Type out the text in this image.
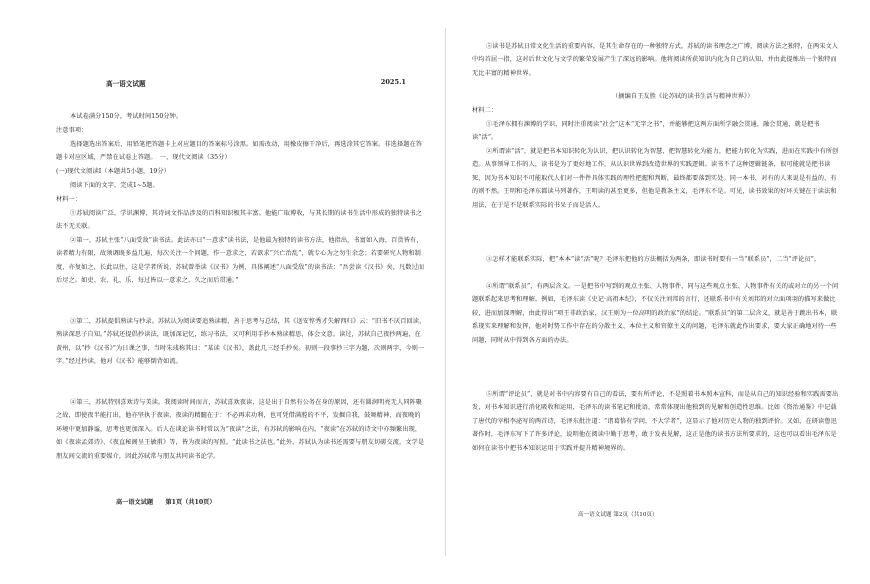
高一语文试题	2025.1

本试卷满分150分，考试时间150分钟。

注意事项：

选择题选出答案后，用铅笔把答题卡上对应题目的答案标号涂黑。如需改动，用橡皮擦干净后，再选涂其它答案。非选择题在答题卡对应区域，严禁在试卷上答题。　一、现代文阅读（35分）

(一)现代文阅读Ⅰ（本题共5小题，19分）

阅读下面的文字，完成1~5题。

材料一：

①苏轼阅读广泛，学识渊博，其诗词文作品涉及的百科知识极其丰富。他能广取博收，与其长期的读书生活中形成的独特读书之法不无关联。

②第一，苏轼主张“八面受敌”读书法。此法亦曰“一意求”读书法，是他最为独特的读书方法，他指出，书富如入海，百货皆有，读者精力有限，故须调既多益几遍，每次关注一个问题，作一意求之，若欲求“兴亡治乱”，就专心为之勿生余念；若要研究人物和制度，亦复如之，长此以往，这是学者所说，苏轼曾举读《汉书》为例，具体阐述“八面受敌”的读书法：“吾尝读《汉书》矣，凡数过而后尽之。如吏、农、礼、乐，每过皆以一意求之，久之而后贯通。”

③第二，苏轼提倡熟读与抄录。苏轼认为阅读要追熟读精，善于思考与总结，其《送安惇秀才失解西归》云：“旧书不厌百回读，熟读深思子自知。”苏轼还提倡抄读法，既加深记忆，练习书法，又可利用手抄本熟读精思，体会文意。读过，苏轼自己夜抄两遍，在黄州，以“抄《汉书》”为日课之事，当时朱彧称其曰：“某读《汉书》，盖此几三经手抄矣。初则一段事抄三字为题，次则两字，今则一字。”经过抄读，他对《汉书》能够倒背如流。

④第三，苏轼特别喜欢诗与美读。我阅读时间而言，苏轼喜欢夜读，这是出于自然有公务在身的原因，还有圆润明亮无人同阵聚之故，即使夜半能打出，他亦坚执于夜读，夜读的精髓在于：不必再求功利，也可凭借满腔的不平，发掘自我，鼓舞精神，而夜晚的环境中更加静谧，思考也更加深入。后人在谈论读书时常以为“夜读”之法，有苏轼的影响在内。“夜读”在苏轼的诗文中亦频繁出现，如《夜读孟郊诗》、《夜直秘阁呈王敏甫》等，皆为夜读的写照。“此读书之法也。”此外，苏轼认为读书还需要与朋友切磋交流，文学是朋友间交流的重要媒介，因此苏轼常与朋友共同读书论学。

高一语文试题　　第1页（共10页）

⑤读书是苏轼日常文化生活的重要内容，是其生命存在的一种独特方式。苏轼的读书理念之广博，阅读方法之独特，在两宋文人中均首屈一指，这对后世文化与文学的繁荣发展产生了深远的影响。他将阅读所获知识内化为自己的认知，并由此提炼出一个独特而无比丰富的精神世界。

（摘编自王友胜《论苏轼的读书生活与精神世界》）

材料二：

①毛泽东拥有渊博的学识，同时注重阅读“社会”这本“无字之书”，并能够把这两方面所学融会贯通，融会贯通，就是把书读“活”。

②所谓读“活”，就是把书本知识转化为认识，把认识转化为智慧，把智慧转化为能力，把能力转化为实践，进而在实践中有所创造。从事领导工作的人，读书是为了更好地工作，从认识世界到改造世界的实践逻辑。读书不了这种逻辑链条，很可能就是把书读死，因为书本知识不可能取代人们对一件件具体实践的理性把握和判断，最终都要落到实处。同一本书，对有的人来说是有益的，有的则不然。王明和毛泽东都读马列著作，王明读的甚至更多，但他是教条主义，毛泽东不是。可见，读书效果的好坏关键在于读法和用法，在于是不是联系实际的书呆子而是活人。

③怎样才能联系实际，把“本本”读“活”呢？毛泽东把他的方法概括为两条，即读书时要有一当“联系员”，二当“评论员”。

④所谓“联系员”，有两层含义。一是把书中写到的观点主张、人物事件，同与这些观点主张、人物事件有关的或对立的另一个问题联系起来思考和理解。例如，毛泽东读《史记·高祖本纪》，不仅关注刘邦的言行，还联系书中有关刘邦的对立面项羽的描写来做比较，进而加深理解，由此得出“项王非政治家，汉王则为一位高明的政治家”的结论。“联系员”的第二层含义，就是善于跳出书本，联系现实来理解和发挥，他对时势工作中存在的分散主义、本位主义和官僚主义的问题，毛泽东就此作出要求，要大家正确地对待一些问题，同时从中得到各方面的办法。

⑤所谓“评论员”，就是对书中内容要有自己的看法，要有所评论，不是照着书本照本宣科，而是从自己的知识经验和实践需要出发，对书本知识进行消化吸收和运用，毛泽东的读书笔记和批语，常常体现出他独到的见解和创造性思维。比如《资治通鉴》中记载了唐代的宰相李泌写的两首诗，毛泽东批注道：“诸葛恪有学问，不大学者”，这显示了他对历史人物的独到评价。又如，在研读鲁迅著作时，毛泽东写下了许多评论，说明他在阅读中勤于思考，敢于发表见解，这正是他的读书方法所要求的，这也可以看出毛泽东是如何在读书中把书本知识运用于实践并提升精神境界的。

高一语文试题 第2页（共10页）
